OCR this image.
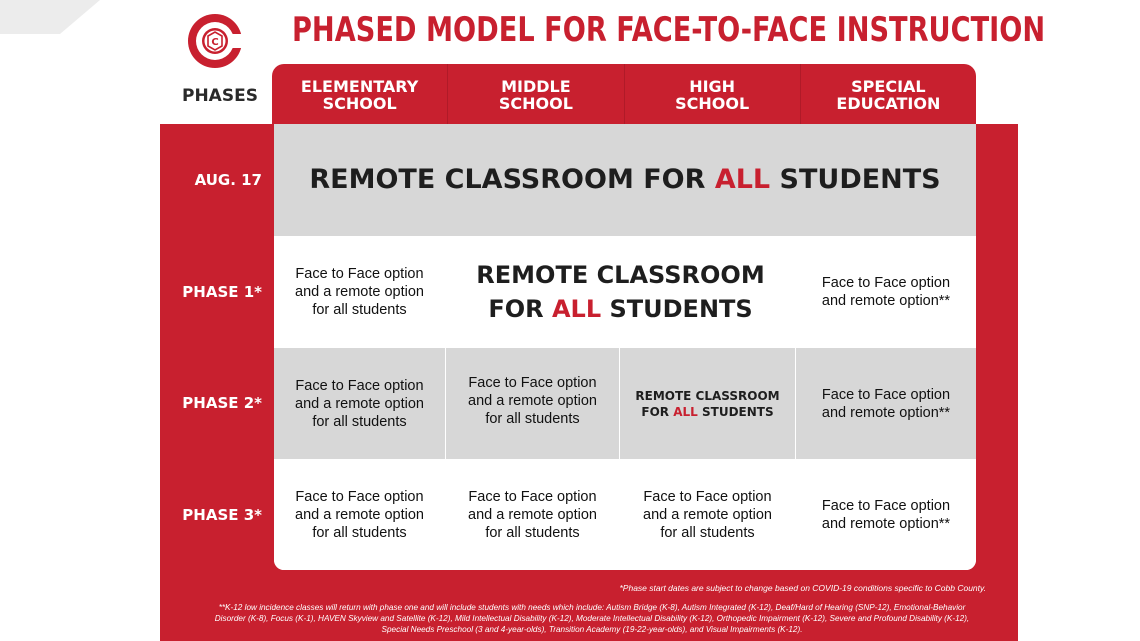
C PHASED MODEL FOR FACE-TO-FACE INSTRUCTION
PHASES	ELEMENTARY
SCHOOL
MIDDLE
SCHOOL
HIGH
SCHOOL
SPECIAL
EDUCATION
AUG. 17
PHASE 1*
PHASE 2*
PHASE 3*
REMOTE CLASSROOM FOR ALL STUDENTS
Face to Face option
and a remote option
for all students
REMOTE CLASSROOM
FOR ALL STUDENTS
Face to Face option
and remote option**
Face to Face option
and a remote option
for all students
Face to Face option
and a remote option
for all students
REMOTE CLASSROOM
FOR ALL STUDENTS
Face to Face option
and remote option**
Face to Face option
and a remote option
for all students
Face to Face option
and a remote option
for all students
Face to Face option
and a remote option
for all students
Face to Face option
and remote option**
*Phase start dates are subject to change based on COVID-19 conditions specific to Cobb County.
**K-12 low incidence classes will return with phase one and will include students with needs which include: Autism Bridge (K-8), Autism Integrated (K-12), Deaf/Hard of Hearing (SNP-12), Emotional-Behavior Disorder (K-8), Focus (K-1), HAVEN Skyview and Satellite (K-12), Mild Intellectual Disability (K-12), Moderate Intellectual Disability (K-12), Orthopedic Impairment (K-12), Severe and Profound Disability (K-12), Special Needs Preschool (3 and 4-year-olds), Transition Academy (19-22-year-olds), and Visual Impairments (K-12).
